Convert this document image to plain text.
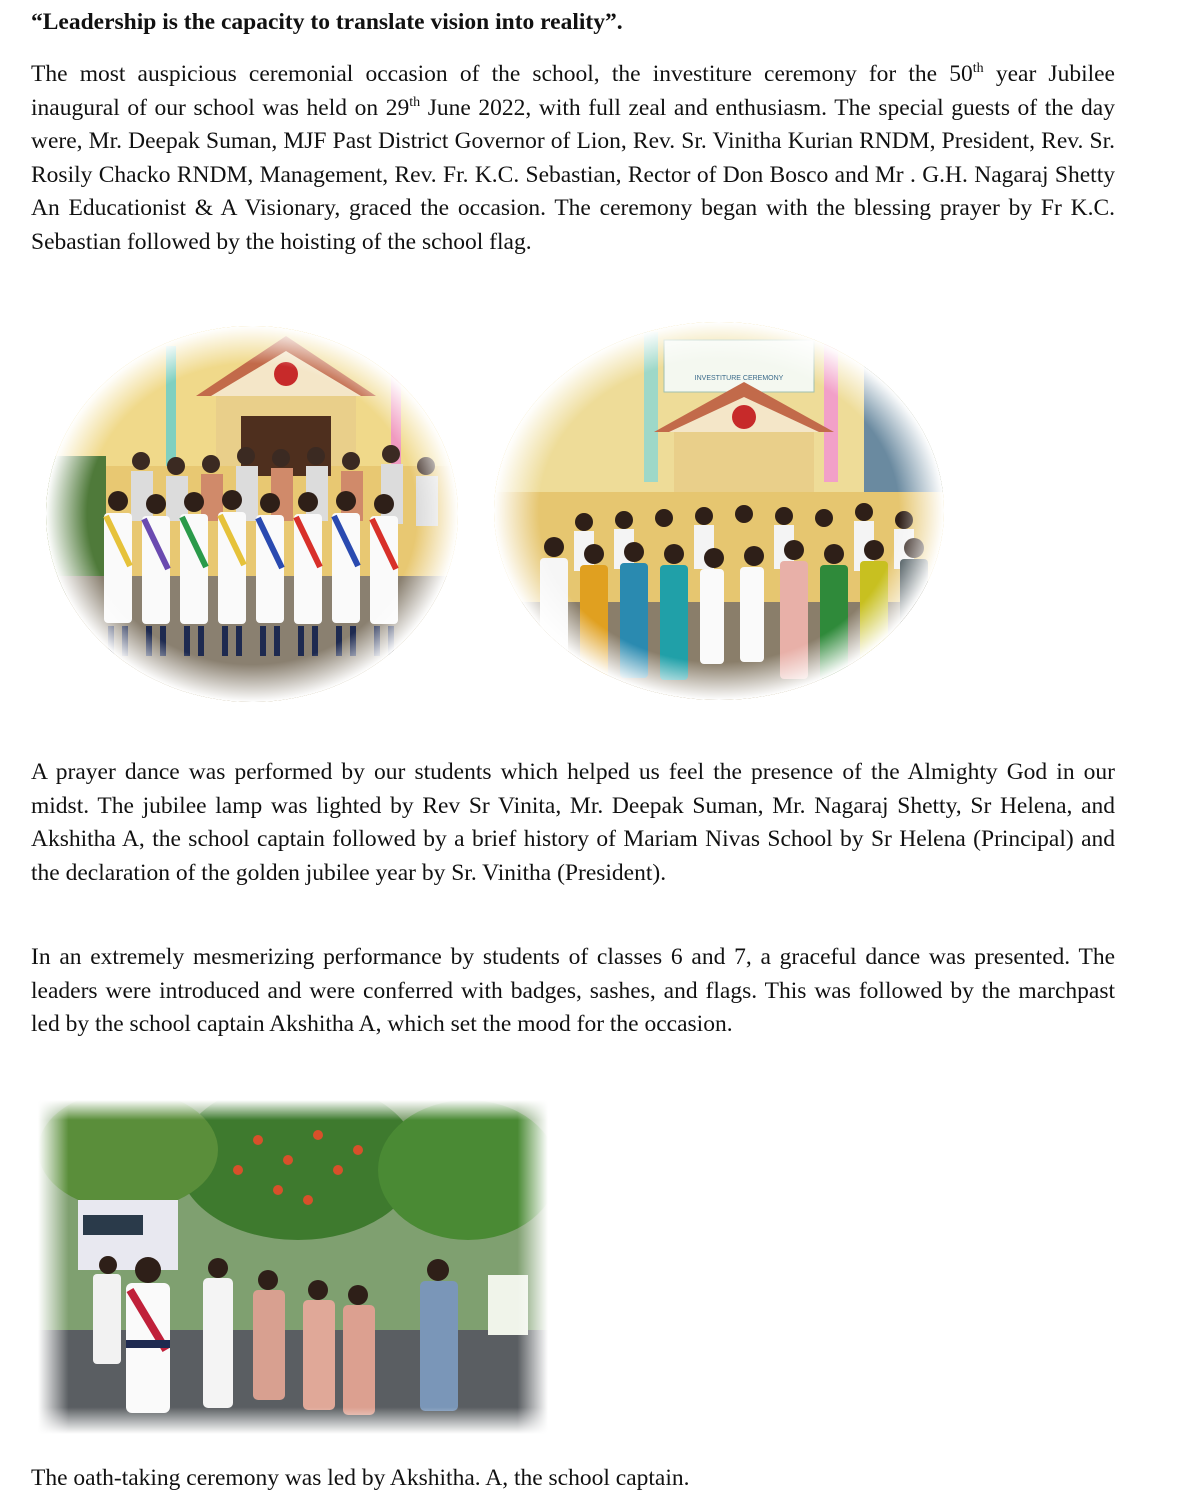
“Leadership is the capacity to translate vision into reality”.

The most auspicious ceremonial occasion of the school, the investiture ceremony for the 50th year Jubilee inaugural of our school was held on 29th June 2022, with full zeal and enthusiasm. The special guests of the day were, Mr. Deepak Suman, MJF Past District Governor of Lion, Rev. Sr. Vinitha Kurian RNDM, President, Rev. Sr. Rosily Chacko RNDM, Management, Rev. Fr. K.C. Sebastian, Rector of Don Bosco and Mr . G.H. Nagaraj Shetty An Educationist & A Visionary, graced the occasion. The ceremony began with the blessing prayer by Fr K.C. Sebastian followed by the hoisting of the school flag.

A prayer dance was performed by our students which helped us feel the presence of the Almighty God in our midst. The jubilee lamp was lighted by Rev Sr Vinita, Mr. Deepak Suman, Mr. Nagaraj Shetty, Sr Helena, and Akshitha A, the school captain followed by a brief history of Mariam Nivas School by Sr Helena (Principal) and the declaration of the golden jubilee year by Sr. Vinitha (President).

In an extremely mesmerizing performance by students of classes 6 and 7, a graceful dance was presented. The leaders were introduced and were conferred with badges, sashes, and flags. This was followed by the marchpast led by the school captain Akshitha A, which set the mood for the occasion.

The oath-taking ceremony was led by Akshitha. A, the school captain.
